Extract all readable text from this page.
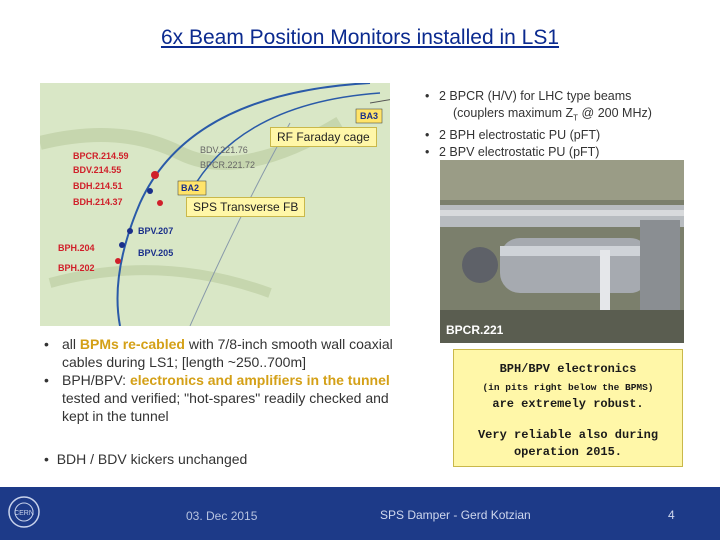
6x Beam Position Monitors installed in LS1
BA3
BA2
BDV.221.76
BPCR.221.72
BPCR.214.59
BDV.214.55
BDH.214.51
BDH.214.37
BPV.207
BPV.205
BPH.204
BPH.202
RF Faraday cage
SPS Transverse FB
• 2 BPCR (H/V) for LHC type beams
(couplers maximum $Z_T$ @ 200 MHz)
• 2 BPH electrostatic PU (pFT)
• 2 BPV electrostatic PU (pFT)
BPCR.221
• all BPMs re-cabled with 7/8-inch smooth wall coaxial cables during LS1; [length ~250..700m]
• BPH/BPV: electronics and amplifiers in the tunnel tested and verified; "hot-spares" readily checked and kept in the tunnel
•  BDH / BDV kickers unchanged
BPH/BPV electronics
(in pits right below the BPMS)
are extremely robust.
Very reliable also during
operation 2015.
CERN	03. Dec 2015	SPS Damper - Gerd Kotzian	4
